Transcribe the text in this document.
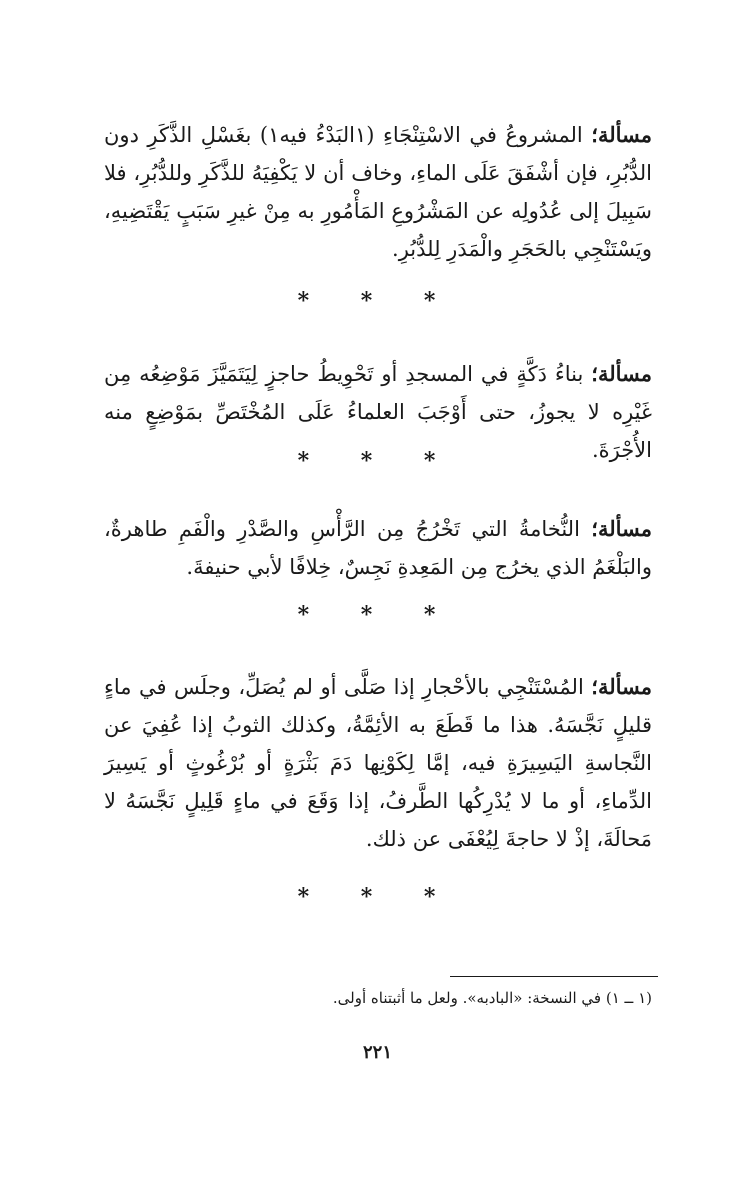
مسألة؛ المشروعُ في الاسْتِنْجَاءِ (١البَدْءُ فيه١) بغَسْلِ الذَّكَرِ دون الدُّبُرِ، فإن أشْفَقَ عَلَى الماءِ، وخاف أن لا يَكْفِيَهُ للذَّكَرِ وللدُّبُرِ، فلا سَبِيلَ إلى عُدُولِه عن المَشْرُوعِ المَأْمُورِ به مِنْ غيرِ سَبَبٍ يَقْتَضِيهِ، ويَسْتَنْجِي بالحَجَرِ والْمَدَرِ لِلدُّبُرِ.

* * *

مسألة؛ بناءُ دَكَّةٍ في المسجدِ أو تَحْوِيطُ حاجزٍ لِيَتَمَيَّزَ مَوْضِعُه مِن غَيْرِه لا يجوزُ، حتى أَوْجَبَ العلماءُ عَلَى المُخْتَصِّ بمَوْضِعٍ منه الأُجْرَةَ.

* * *

مسألة؛ النُّخامةُ التي تَخْرُجُ مِن الرَّأْسِ والصَّدْرِ والْفَمِ طاهرةٌ، والبَلْغَمُ الذي يخرُج مِن المَعِدةِ نَجِسٌ، خِلافًا لأبي حنيفةَ.

* * *

مسألة؛ المُسْتَنْجِي بالأحْجارِ إذا صَلَّى أو لم يُصَلِّ، وجلَس في ماءٍ قليلٍ نَجَّسَهُ. هذا ما قَطَعَ به الأئِمَّةُ، وكذلك الثوبُ إذا عُفِيَ عن النَّجاسةِ اليَسِيرَةِ فيه، إمَّا لِكَوْنِها دَمَ بَثْرَةٍ أو بُرْغُوثٍ أو يَسِيرَ الدِّماءِ، أو ما لا يُدْرِكُها الطَّرفُ، إذا وَقَعَ في ماءٍ قَلِيلٍ نَجَّسَهُ لا مَحالَةَ، إذْ لا حاجةَ لِيُعْفَى عن ذلك.

* * *

(١ ــ ١) في النسخة: «البادبه». ولعل ما أثبتناه أولى.

٢٢١
